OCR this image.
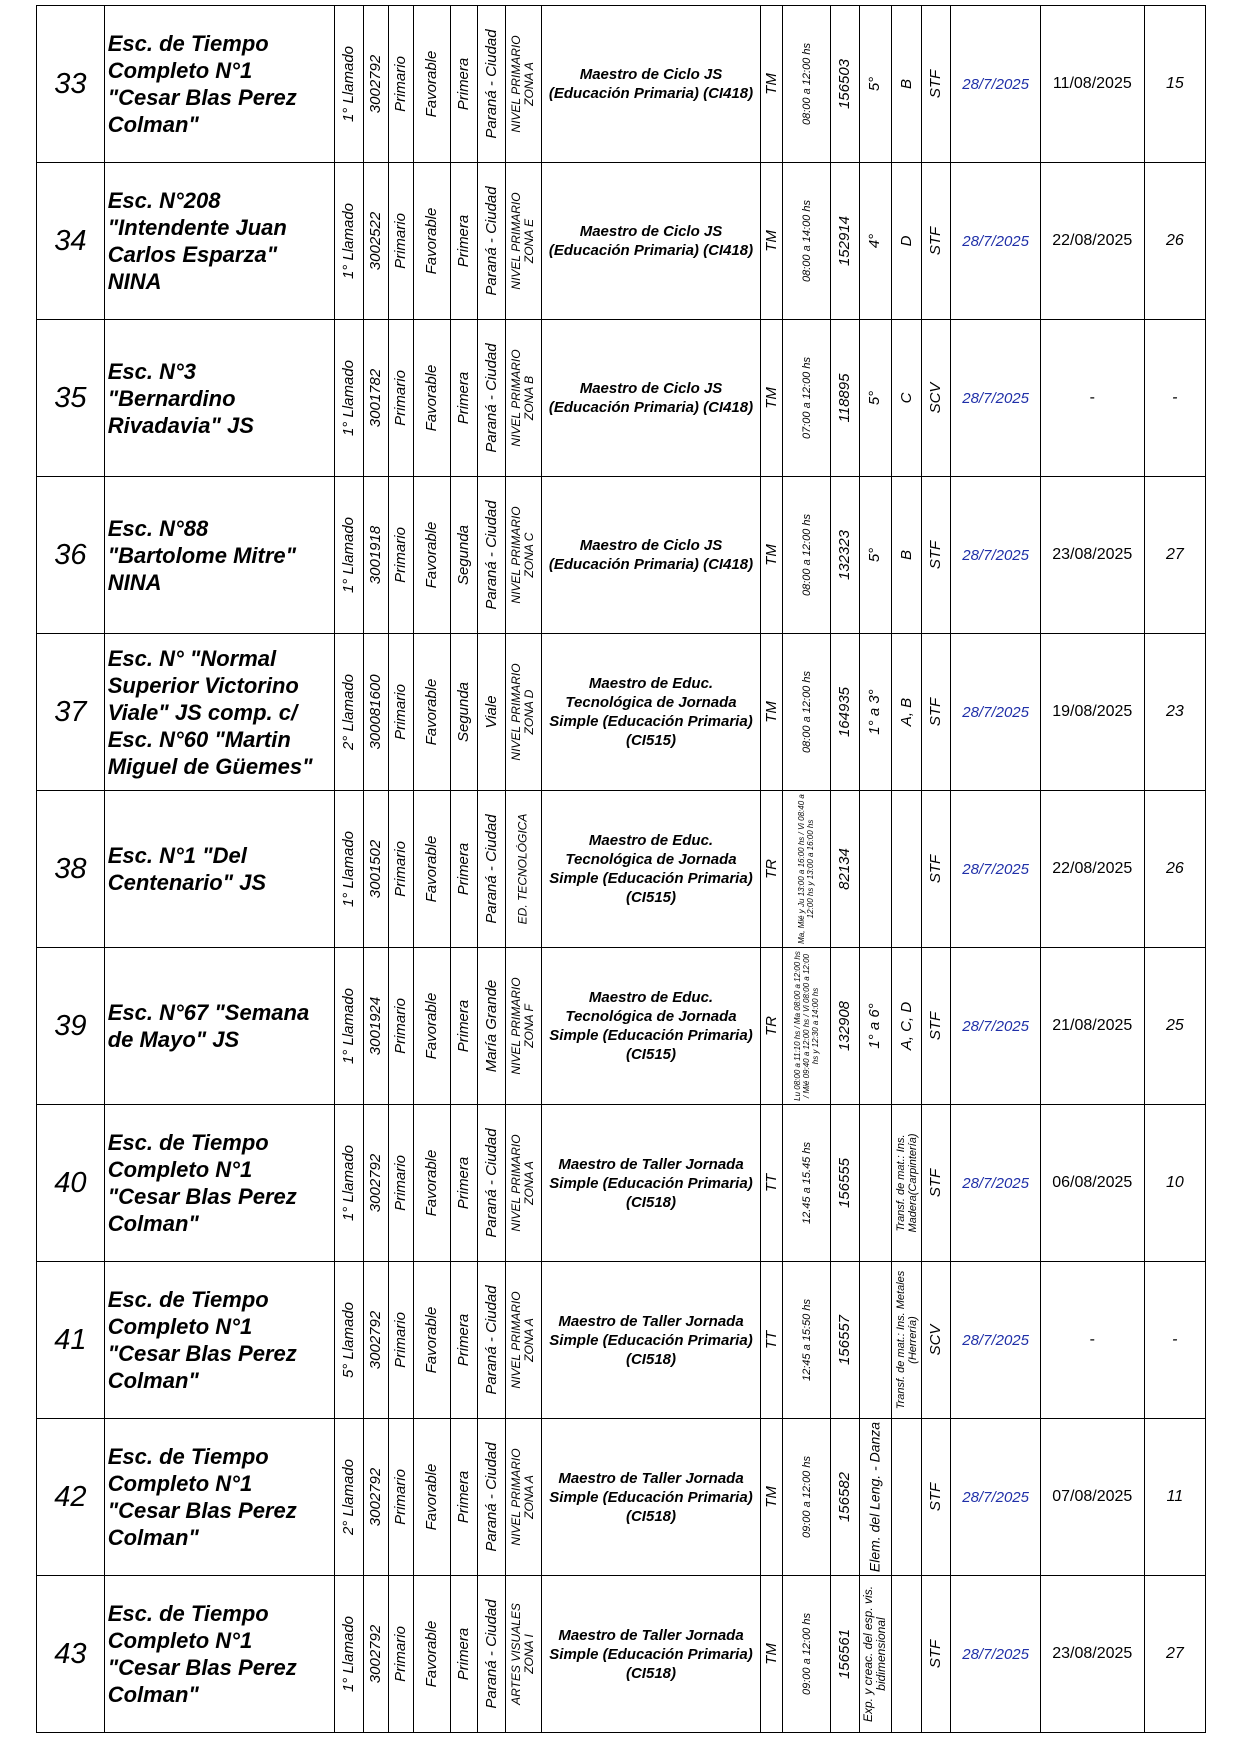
33	Esc. de Tiempo
Completo N°1
"Cesar Blas Perez
Colman"	1° Llamado	3002792	Primario	Favorable	Primera	Paraná - Ciudad	NIVEL PRIMARIO ZONA A	Maestro de Ciclo JS (Educación Primaria) (CI418)	TM	08:00 a 12:00 hs	156503	5°	B	STF	28/7/2025	11/08/2025	15
34	Esc. N°208
"Intendente Juan
Carlos Esparza"
NINA	1° Llamado	3002522	Primario	Favorable	Primera	Paraná - Ciudad	NIVEL PRIMARIO ZONA E	Maestro de Ciclo JS (Educación Primaria) (CI418)	TM	08:00 a 14:00 hs	152914	4°	D	STF	28/7/2025	22/08/2025	26
35	Esc. N°3
"Bernardino
Rivadavia" JS	1° Llamado	3001782	Primario	Favorable	Primera	Paraná - Ciudad	NIVEL PRIMARIO ZONA B	Maestro de Ciclo JS (Educación Primaria) (CI418)	TM	07:00 a 12:00 hs	118895	5°	C	SCV	28/7/2025	-	-
36	Esc. N°88
"Bartolome Mitre"
NINA	1° Llamado	3001918	Primario	Favorable	Segunda	Paraná - Ciudad	NIVEL PRIMARIO ZONA C	Maestro de Ciclo JS (Educación Primaria) (CI418)	TM	08:00 a 12:00 hs	132323	5°	B	STF	28/7/2025	23/08/2025	27
37	Esc. N° "Normal
Superior Victorino
Viale" JS comp. c/
Esc. N°60 "Martin
Miguel de Güemes"	2° Llamado	300081600	Primario	Favorable	Segunda	Viale	NIVEL PRIMARIO ZONA D	Maestro de Educ. Tecnológica de Jornada Simple (Educación Primaria) (CI515)	TM	08:00 a 12:00 hs	164935	1° a 3°	A, B	STF	28/7/2025	19/08/2025	23
38	Esc. N°1 "Del
Centenario" JS	1° Llamado	3001502	Primario	Favorable	Primera	Paraná - Ciudad	ED. TECNOLÓGICA	Maestro de Educ. Tecnológica de Jornada Simple (Educación Primaria) (CI515)	TR	Ma, Mié y Ju 13:00 a 16:00 hs / Vi 08:40 a 12:00 hs y 13:00 a 16:00 hs	82134			STF	28/7/2025	22/08/2025	26
39	Esc. N°67 "Semana
de Mayo" JS	1° Llamado	3001924	Primario	Favorable	Primera	María Grande	NIVEL PRIMARIO ZONA F	Maestro de Educ. Tecnológica de Jornada Simple (Educación Primaria) (CI515)	TR	Lu 08:00 a 11:10 hs / Ma 08:00 a 12:00 hs / Mié 09:40 a 12:00 hs / Vi 08:00 a 12:00 hs y 12:30 a 14:00 hs	132908	1° a 6°	A, C, D	STF	28/7/2025	21/08/2025	25
40	Esc. de Tiempo
Completo N°1
"Cesar Blas Perez
Colman"	1° Llamado	3002792	Primario	Favorable	Primera	Paraná - Ciudad	NIVEL PRIMARIO ZONA A	Maestro de Taller Jornada Simple (Educación Primaria) (CI518)	TT	12.45 a 15.45 hs	156555		Transf. de mat.: Ins. Madera(Carpintería)	STF	28/7/2025	06/08/2025	10
41	Esc. de Tiempo
Completo N°1
"Cesar Blas Perez
Colman"	5° Llamado	3002792	Primario	Favorable	Primera	Paraná - Ciudad	NIVEL PRIMARIO ZONA A	Maestro de Taller Jornada Simple (Educación Primaria) (CI518)	TT	12:45 a 15:50 hs	156557		Transf. de mat.: Ins. Metales (Herrería)	SCV	28/7/2025	-	-
42	Esc. de Tiempo
Completo N°1
"Cesar Blas Perez
Colman"	2° Llamado	3002792	Primario	Favorable	Primera	Paraná - Ciudad	NIVEL PRIMARIO ZONA A	Maestro de Taller Jornada Simple (Educación Primaria) (CI518)	TM	09:00 a 12:00 hs	156582	Elem. del Leng. - Danza		STF	28/7/2025	07/08/2025	11
43	Esc. de Tiempo
Completo N°1
"Cesar Blas Perez
Colman"	1° Llamado	3002792	Primario	Favorable	Primera	Paraná - Ciudad	ARTES VISUALES ZONA I	Maestro de Taller Jornada Simple (Educación Primaria) (CI518)	TM	09:00 a 12:00 hs	156561	Exp. y creac. del esp. vis. bidimensional		STF	28/7/2025	23/08/2025	27
